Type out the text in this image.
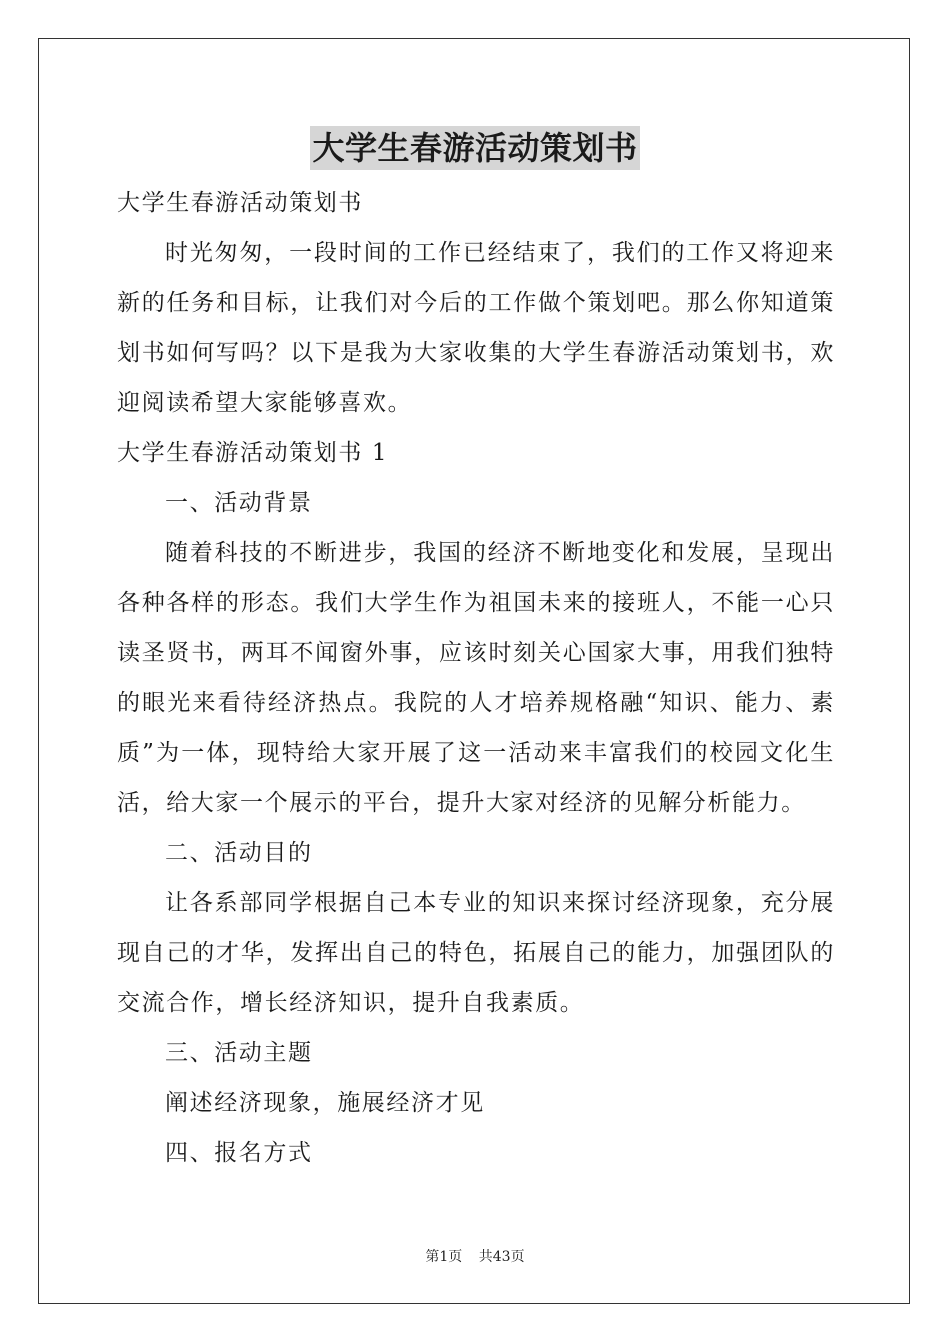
大学生春游活动策划书

大学生春游活动策划书

时光匆匆，一段时间的工作已经结束了，我们的工作又将迎来新的任务和目标，让我们对今后的工作做个策划吧。那么你知道策划书如何写吗？以下是我为大家收集的大学生春游活动策划书，欢迎阅读希望大家能够喜欢。

大学生春游活动策划书 1

一、活动背景

随着科技的不断进步，我国的经济不断地变化和发展，呈现出各种各样的形态。我们大学生作为祖国未来的接班人，不能一心只读圣贤书，两耳不闻窗外事，应该时刻关心国家大事，用我们独特的眼光来看待经济热点。我院的人才培养规格融“知识、能力、素质”为一体，现特给大家开展了这一活动来丰富我们的校园文化生活，给大家一个展示的平台，提升大家对经济的见解分析能力。

二、活动目的

让各系部同学根据自己本专业的知识来探讨经济现象，充分展现自己的才华，发挥出自己的特色，拓展自己的能力，加强团队的交流合作，增长经济知识，提升自我素质。

三、活动主题

阐述经济现象，施展经济才见

四、报名方式

第1页 共43页
